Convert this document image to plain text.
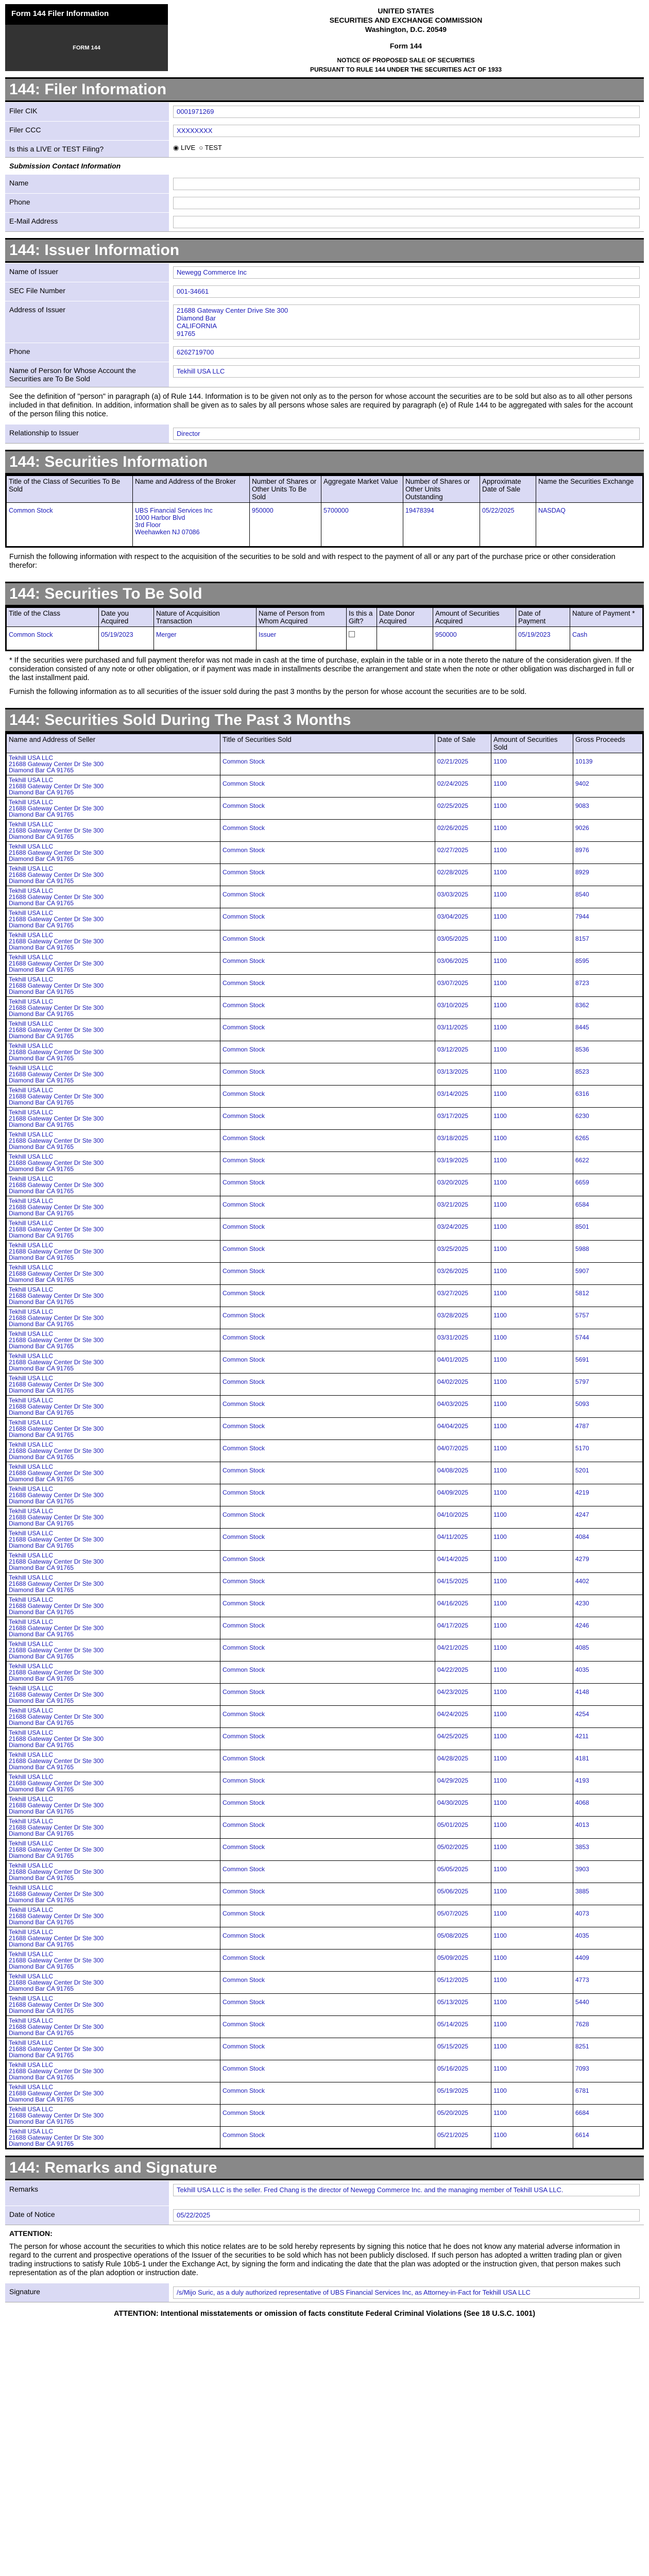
Form 144 Filer Information
FORM 144
UNITED STATES
SECURITIES AND EXCHANGE COMMISSION
Washington, D.C. 20549
Form 144
NOTICE OF PROPOSED SALE OF SECURITIES
PURSUANT TO RULE 144 UNDER THE SECURITIES ACT OF 1933
144: Filer Information
Filer CIK	0001971269
Filer CCC	XXXXXXXX
Is this a LIVE or TEST Filing?	◉ LIVE ○ TEST
Submission Contact Information
Name
Phone
E-Mail Address
144: Issuer Information
Name of Issuer	Newegg Commerce Inc
SEC File Number	001-34661
Address of Issuer	21688 Gateway Center Drive Ste 300
Diamond Bar
CALIFORNIA
91765
Phone	6262719700
Name of Person for Whose Account the Securities are To Be Sold
Tekhill USA LLC
See the definition of "person" in paragraph (a) of Rule 144. Information is to be given not only as to the person for whose account the securities are to be sold but also as to all other persons included in that definition. In addition, information shall be given as to sales by all persons whose sales are required by paragraph (e) of Rule 144 to be aggregated with sales for the account of the person filing this notice.
Relationship to Issuer	Director
144: Securities Information
Title of the Class of Securities To Be Sold	Name and Address of the Broker	Number of Shares or Other Units To Be Sold	Aggregate Market Value	Number of Shares or Other Units Outstanding	Approximate Date of Sale	Name the Securities Exchange
Common Stock	UBS Financial Services Inc
1000 Harbor Blvd
3rd Floor
Weehawken NJ 07086	950000	5700000	19478394	05/22/2025	NASDAQ
Furnish the following information with respect to the acquisition of the securities to be sold and with respect to the payment of all or any part of the purchase price or other consideration therefor:
144: Securities To Be Sold
Title of the Class	Date you Acquired	Nature of Acquisition Transaction	Name of Person from Whom Acquired	Is this a Gift?	Date Donor Acquired	Amount of Securities Acquired	Date of Payment	Nature of Payment *
Common Stock	05/19/2023	Merger	Issuer			950000	05/19/2023	Cash
* If the securities were purchased and full payment therefor was not made in cash at the time of purchase, explain in the table or in a note thereto the nature of the consideration given. If the consideration consisted of any note or other obligation, or if payment was made in installments describe the arrangement and state when the note or other obligation was discharged in full or the last installment paid.
Furnish the following information as to all securities of the issuer sold during the past 3 months by the person for whose account the securities are to be sold.
144: Securities Sold During The Past 3 Months
Name and Address of Seller	Title of Securities Sold	Date of Sale	Amount of Securities Sold	Gross Proceeds

Tekhill USA LLC
21688 Gateway Center Dr Ste 300
Diamond Bar CA 91765	Common Stock	02/21/2025	1100	10139

Tekhill USA LLC
21688 Gateway Center Dr Ste 300
Diamond Bar CA 91765	Common Stock	02/24/2025	1100	9402

Tekhill USA LLC
21688 Gateway Center Dr Ste 300
Diamond Bar CA 91765	Common Stock	02/25/2025	1100	9083

Tekhill USA LLC
21688 Gateway Center Dr Ste 300
Diamond Bar CA 91765	Common Stock	02/26/2025	1100	9026

Tekhill USA LLC
21688 Gateway Center Dr Ste 300
Diamond Bar CA 91765	Common Stock	02/27/2025	1100	8976

Tekhill USA LLC
21688 Gateway Center Dr Ste 300
Diamond Bar CA 91765	Common Stock	02/28/2025	1100	8929

Tekhill USA LLC
21688 Gateway Center Dr Ste 300
Diamond Bar CA 91765	Common Stock	03/03/2025	1100	8540

Tekhill USA LLC
21688 Gateway Center Dr Ste 300
Diamond Bar CA 91765	Common Stock	03/04/2025	1100	7944

Tekhill USA LLC
21688 Gateway Center Dr Ste 300
Diamond Bar CA 91765	Common Stock	03/05/2025	1100	8157

Tekhill USA LLC
21688 Gateway Center Dr Ste 300
Diamond Bar CA 91765	Common Stock	03/06/2025	1100	8595

Tekhill USA LLC
21688 Gateway Center Dr Ste 300
Diamond Bar CA 91765	Common Stock	03/07/2025	1100	8723

Tekhill USA LLC
21688 Gateway Center Dr Ste 300
Diamond Bar CA 91765	Common Stock	03/10/2025	1100	8362

Tekhill USA LLC
21688 Gateway Center Dr Ste 300
Diamond Bar CA 91765	Common Stock	03/11/2025	1100	8445

Tekhill USA LLC
21688 Gateway Center Dr Ste 300
Diamond Bar CA 91765	Common Stock	03/12/2025	1100	8536

Tekhill USA LLC
21688 Gateway Center Dr Ste 300
Diamond Bar CA 91765	Common Stock	03/13/2025	1100	8523

Tekhill USA LLC
21688 Gateway Center Dr Ste 300
Diamond Bar CA 91765	Common Stock	03/14/2025	1100	6316

Tekhill USA LLC
21688 Gateway Center Dr Ste 300
Diamond Bar CA 91765	Common Stock	03/17/2025	1100	6230

Tekhill USA LLC
21688 Gateway Center Dr Ste 300
Diamond Bar CA 91765	Common Stock	03/18/2025	1100	6265

Tekhill USA LLC
21688 Gateway Center Dr Ste 300
Diamond Bar CA 91765	Common Stock	03/19/2025	1100	6622

Tekhill USA LLC
21688 Gateway Center Dr Ste 300
Diamond Bar CA 91765	Common Stock	03/20/2025	1100	6659

Tekhill USA LLC
21688 Gateway Center Dr Ste 300
Diamond Bar CA 91765	Common Stock	03/21/2025	1100	6584

Tekhill USA LLC
21688 Gateway Center Dr Ste 300
Diamond Bar CA 91765	Common Stock	03/24/2025	1100	8501

Tekhill USA LLC
21688 Gateway Center Dr Ste 300
Diamond Bar CA 91765	Common Stock	03/25/2025	1100	5988

Tekhill USA LLC
21688 Gateway Center Dr Ste 300
Diamond Bar CA 91765	Common Stock	03/26/2025	1100	5907

Tekhill USA LLC
21688 Gateway Center Dr Ste 300
Diamond Bar CA 91765	Common Stock	03/27/2025	1100	5812

Tekhill USA LLC
21688 Gateway Center Dr Ste 300
Diamond Bar CA 91765	Common Stock	03/28/2025	1100	5757

Tekhill USA LLC
21688 Gateway Center Dr Ste 300
Diamond Bar CA 91765	Common Stock	03/31/2025	1100	5744

Tekhill USA LLC
21688 Gateway Center Dr Ste 300
Diamond Bar CA 91765	Common Stock	04/01/2025	1100	5691

Tekhill USA LLC
21688 Gateway Center Dr Ste 300
Diamond Bar CA 91765	Common Stock	04/02/2025	1100	5797

Tekhill USA LLC
21688 Gateway Center Dr Ste 300
Diamond Bar CA 91765	Common Stock	04/03/2025	1100	5093

Tekhill USA LLC
21688 Gateway Center Dr Ste 300
Diamond Bar CA 91765	Common Stock	04/04/2025	1100	4787

Tekhill USA LLC
21688 Gateway Center Dr Ste 300
Diamond Bar CA 91765	Common Stock	04/07/2025	1100	5170

Tekhill USA LLC
21688 Gateway Center Dr Ste 300
Diamond Bar CA 91765	Common Stock	04/08/2025	1100	5201

Tekhill USA LLC
21688 Gateway Center Dr Ste 300
Diamond Bar CA 91765	Common Stock	04/09/2025	1100	4219

Tekhill USA LLC
21688 Gateway Center Dr Ste 300
Diamond Bar CA 91765	Common Stock	04/10/2025	1100	4247

Tekhill USA LLC
21688 Gateway Center Dr Ste 300
Diamond Bar CA 91765	Common Stock	04/11/2025	1100	4084

Tekhill USA LLC
21688 Gateway Center Dr Ste 300
Diamond Bar CA 91765	Common Stock	04/14/2025	1100	4279

Tekhill USA LLC
21688 Gateway Center Dr Ste 300
Diamond Bar CA 91765	Common Stock	04/15/2025	1100	4402

Tekhill USA LLC
21688 Gateway Center Dr Ste 300
Diamond Bar CA 91765	Common Stock	04/16/2025	1100	4230

Tekhill USA LLC
21688 Gateway Center Dr Ste 300
Diamond Bar CA 91765	Common Stock	04/17/2025	1100	4246

Tekhill USA LLC
21688 Gateway Center Dr Ste 300
Diamond Bar CA 91765	Common Stock	04/21/2025	1100	4085

Tekhill USA LLC
21688 Gateway Center Dr Ste 300
Diamond Bar CA 91765	Common Stock	04/22/2025	1100	4035

Tekhill USA LLC
21688 Gateway Center Dr Ste 300
Diamond Bar CA 91765	Common Stock	04/23/2025	1100	4148

Tekhill USA LLC
21688 Gateway Center Dr Ste 300
Diamond Bar CA 91765	Common Stock	04/24/2025	1100	4254

Tekhill USA LLC
21688 Gateway Center Dr Ste 300
Diamond Bar CA 91765	Common Stock	04/25/2025	1100	4211

Tekhill USA LLC
21688 Gateway Center Dr Ste 300
Diamond Bar CA 91765	Common Stock	04/28/2025	1100	4181

Tekhill USA LLC
21688 Gateway Center Dr Ste 300
Diamond Bar CA 91765	Common Stock	04/29/2025	1100	4193

Tekhill USA LLC
21688 Gateway Center Dr Ste 300
Diamond Bar CA 91765	Common Stock	04/30/2025	1100	4068

Tekhill USA LLC
21688 Gateway Center Dr Ste 300
Diamond Bar CA 91765	Common Stock	05/01/2025	1100	4013

Tekhill USA LLC
21688 Gateway Center Dr Ste 300
Diamond Bar CA 91765	Common Stock	05/02/2025	1100	3853

Tekhill USA LLC
21688 Gateway Center Dr Ste 300
Diamond Bar CA 91765	Common Stock	05/05/2025	1100	3903

Tekhill USA LLC
21688 Gateway Center Dr Ste 300
Diamond Bar CA 91765	Common Stock	05/06/2025	1100	3885

Tekhill USA LLC
21688 Gateway Center Dr Ste 300
Diamond Bar CA 91765	Common Stock	05/07/2025	1100	4073

Tekhill USA LLC
21688 Gateway Center Dr Ste 300
Diamond Bar CA 91765	Common Stock	05/08/2025	1100	4035

Tekhill USA LLC
21688 Gateway Center Dr Ste 300
Diamond Bar CA 91765	Common Stock	05/09/2025	1100	4409

Tekhill USA LLC
21688 Gateway Center Dr Ste 300
Diamond Bar CA 91765	Common Stock	05/12/2025	1100	4773

Tekhill USA LLC
21688 Gateway Center Dr Ste 300
Diamond Bar CA 91765	Common Stock	05/13/2025	1100	5440

Tekhill USA LLC
21688 Gateway Center Dr Ste 300
Diamond Bar CA 91765	Common Stock	05/14/2025	1100	7628

Tekhill USA LLC
21688 Gateway Center Dr Ste 300
Diamond Bar CA 91765	Common Stock	05/15/2025	1100	8251

Tekhill USA LLC
21688 Gateway Center Dr Ste 300
Diamond Bar CA 91765	Common Stock	05/16/2025	1100	7093

Tekhill USA LLC
21688 Gateway Center Dr Ste 300
Diamond Bar CA 91765	Common Stock	05/19/2025	1100	6781

Tekhill USA LLC
21688 Gateway Center Dr Ste 300
Diamond Bar CA 91765	Common Stock	05/20/2025	1100	6684

Tekhill USA LLC
21688 Gateway Center Dr Ste 300
Diamond Bar CA 91765	Common Stock	05/21/2025	1100	6614
144: Remarks and Signature
Remarks	Tekhill USA LLC is the seller. Fred Chang is the director of Newegg Commerce Inc. and the managing member of Tekhill USA LLC.
Date of Notice	05/22/2025
ATTENTION:
The person for whose account the securities to which this notice relates are to be sold hereby represents by signing this notice that he does not know any material adverse information in regard to the current and prospective operations of the Issuer of the securities to be sold which has not been publicly disclosed. If such person has adopted a written trading plan or given trading instructions to satisfy Rule 10b5-1 under the Exchange Act, by signing the form and indicating the date that the plan was adopted or the instruction given, that person makes such representation as of the plan adoption or instruction date.
Signature	/s/Mijo Suric, as a duly authorized representative of UBS Financial Services Inc, as Attorney-in-Fact for Tekhill USA LLC
ATTENTION: Intentional misstatements or omission of facts constitute Federal Criminal Violations (See 18 U.S.C. 1001)
